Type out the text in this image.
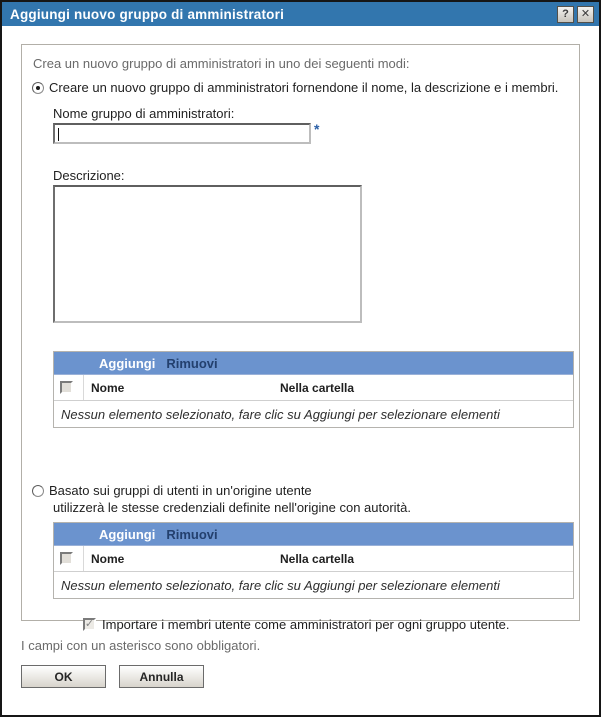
Aggiungi nuovo gruppo di amministratori	?	✕
Crea un nuovo gruppo di amministratori in uno dei seguenti modi:
Creare un nuovo gruppo di amministratori fornendone il nome, la descrizione e i membri.
Nome gruppo di amministratori:
*
Descrizione:
Aggiungi Rimuovi
Nome	Nella cartella
Nessun elemento selezionato, fare clic su Aggiungi per selezionare elementi
Basato sui gruppi di utenti in un'origine utente
utilizzerà le stesse credenziali definite nell'origine con autorità.
Aggiungi Rimuovi
Nome	Nella cartella
Nessun elemento selezionato, fare clic su Aggiungi per selezionare elementi
✓ Importare i membri utente come amministratori per ogni gruppo utente.
I campi con un asterisco sono obbligatori.
OK	Annulla
